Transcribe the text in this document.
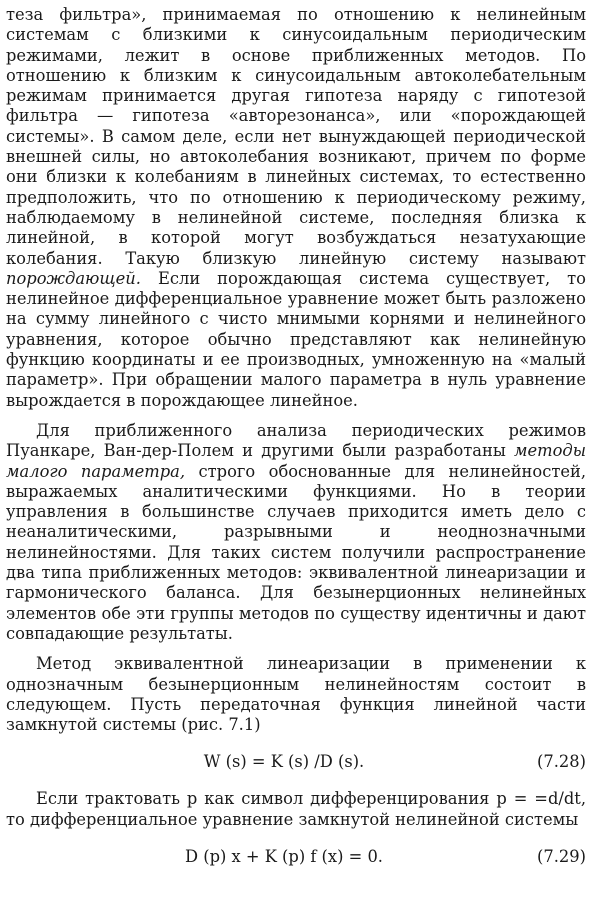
теза фильтра», принимаемая по отношению к нелинейным системам с близкими к синусоидальным периодическим режимами, лежит в основе приближенных методов. По отношению к близким к синусоидальным автоколебательным режимам принимается другая гипотеза наряду с гипотезой фильтра — гипотеза «авторезонанса», или «порождающей системы». В самом деле, если нет вынуждающей периодической внешней силы, но автоколебания возникают, причем по форме они близки к колебаниям в линейных системах, то естественно предположить, что по отношению к периодическому режиму, наблюдаемому в нелинейной системе, последняя близка к линейной, в которой могут возбуждаться незатухающие колебания. Такую близкую линейную систему называют порождающей. Если порождающая система существует, то нелинейное дифференциальное уравнение может быть разложено на сумму линейного с чисто мнимыми корнями и нелинейного уравнения, которое обычно представляют как нелинейную функцию координаты и ее производных, умноженную на «малый параметр». При обращении малого параметра в нуль уравнение вырождается в порождающее линейное.

Для приближенного анализа периодических режимов Пуанкаре, Ван-дер-Полем и другими были разработаны методы малого параметра, строго обоснованные для нелинейностей, выражаемых аналитическими функциями. Но в теории управления в большинстве случаев приходится иметь дело с неаналитическими, разрывными и неоднозначными нелинейностями. Для таких систем получили распространение два типа приближенных методов: эквивалентной линеаризации и гармонического баланса. Для безынерционных нелинейных элементов обе эти группы методов по существу идентичны и дают совпадающие результаты.

Метод эквивалентной линеаризации в применении к однозначным безынерционным нелинейностям состоит в следующем. Пусть передаточная функция линейной части замкнутой системы (рис. 7.1)

W (s) = K (s) /D (s).	(7.28)

Если трактовать p как символ дифференцирования p = =d/dt, то дифференциальное уравнение замкнутой нелинейной системы

D (p) x + K (p) f (x) = 0.	(7.29)
